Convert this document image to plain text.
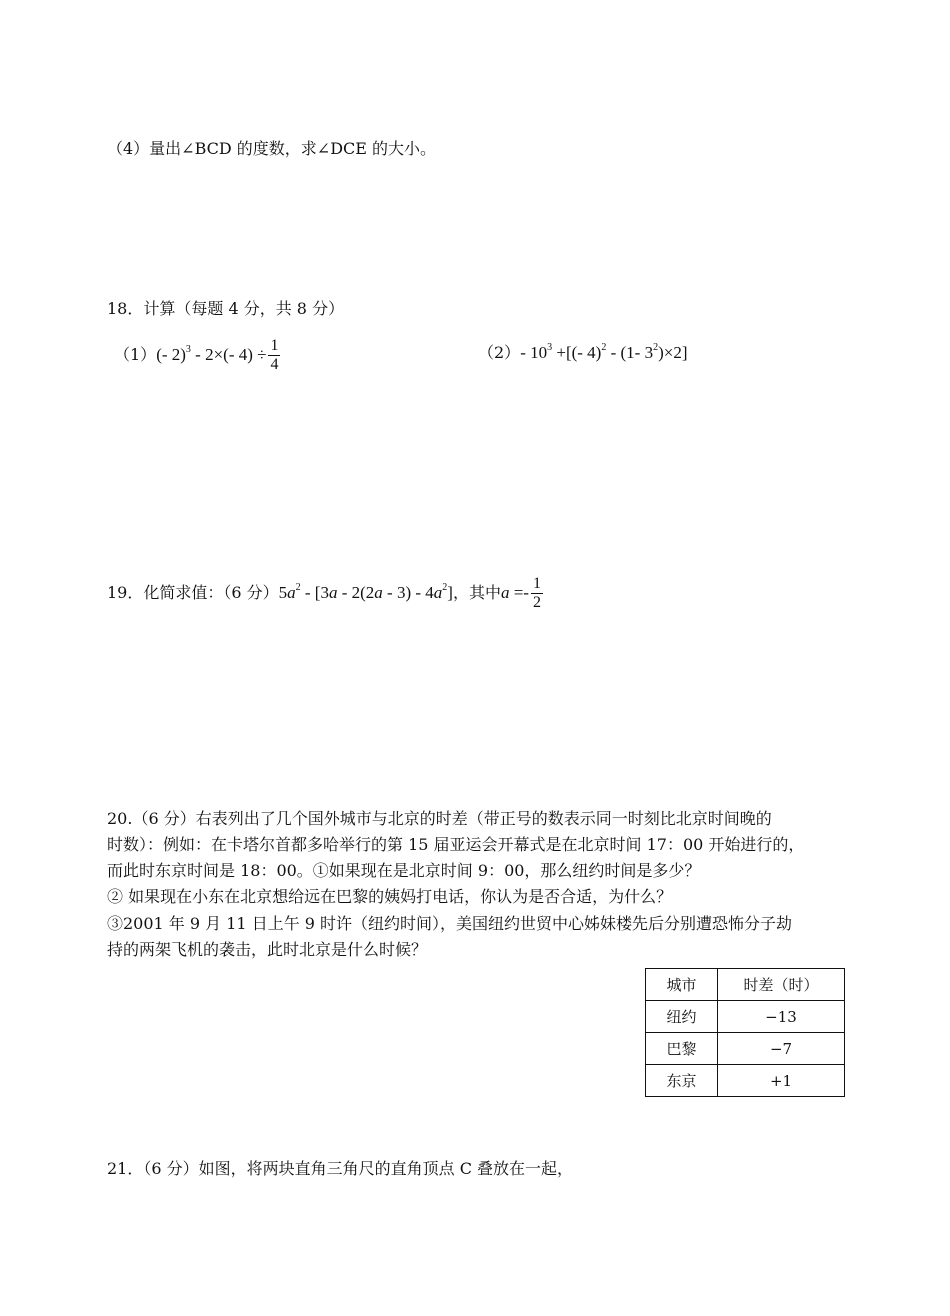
（4）量出∠BCD 的度数，求∠DCE 的大小。
18．计算（每题 4 分，共 8 分）
（1）(- 2)$^3$ - 2×(- $4) \div \frac{1}{4}$	（2）- $10^3$ +[(- 4)$^2$ - (1- $3^2)\times 2$]
19．化简求值：（6 分）$5a^2 - [3a - 2(2a - 3) - 4a^2]$，其中$a =- \frac{1}{2}$
20.（6 分）右表列出了几个国外城市与北京的时差（带正号的数表示同一时刻比北京时间晚的
时数）：例如：在卡塔尔首都多哈举行的第 15 届亚运会开幕式是在北京时间 17：00 开始进行的，
而此时东京时间是 18：00。①如果现在是北京时间 9：00，那么纽约时间是多少？
② 如果现在小东在北京想给远在巴黎的姨妈打电话，你认为是否合适，为什么？
③2001 年 9 月 11 日上午 9 时许（纽约时间），美国纽约世贸中心姊妹楼先后分别遭恐怖分子劫
持的两架飞机的袭击，此时北京是什么时候？
城市	时差（时）
纽约	−13
巴黎	−7
东京	+1
21．（6 分）如图，将两块直角三角尺的直角顶点 C 叠放在一起，
